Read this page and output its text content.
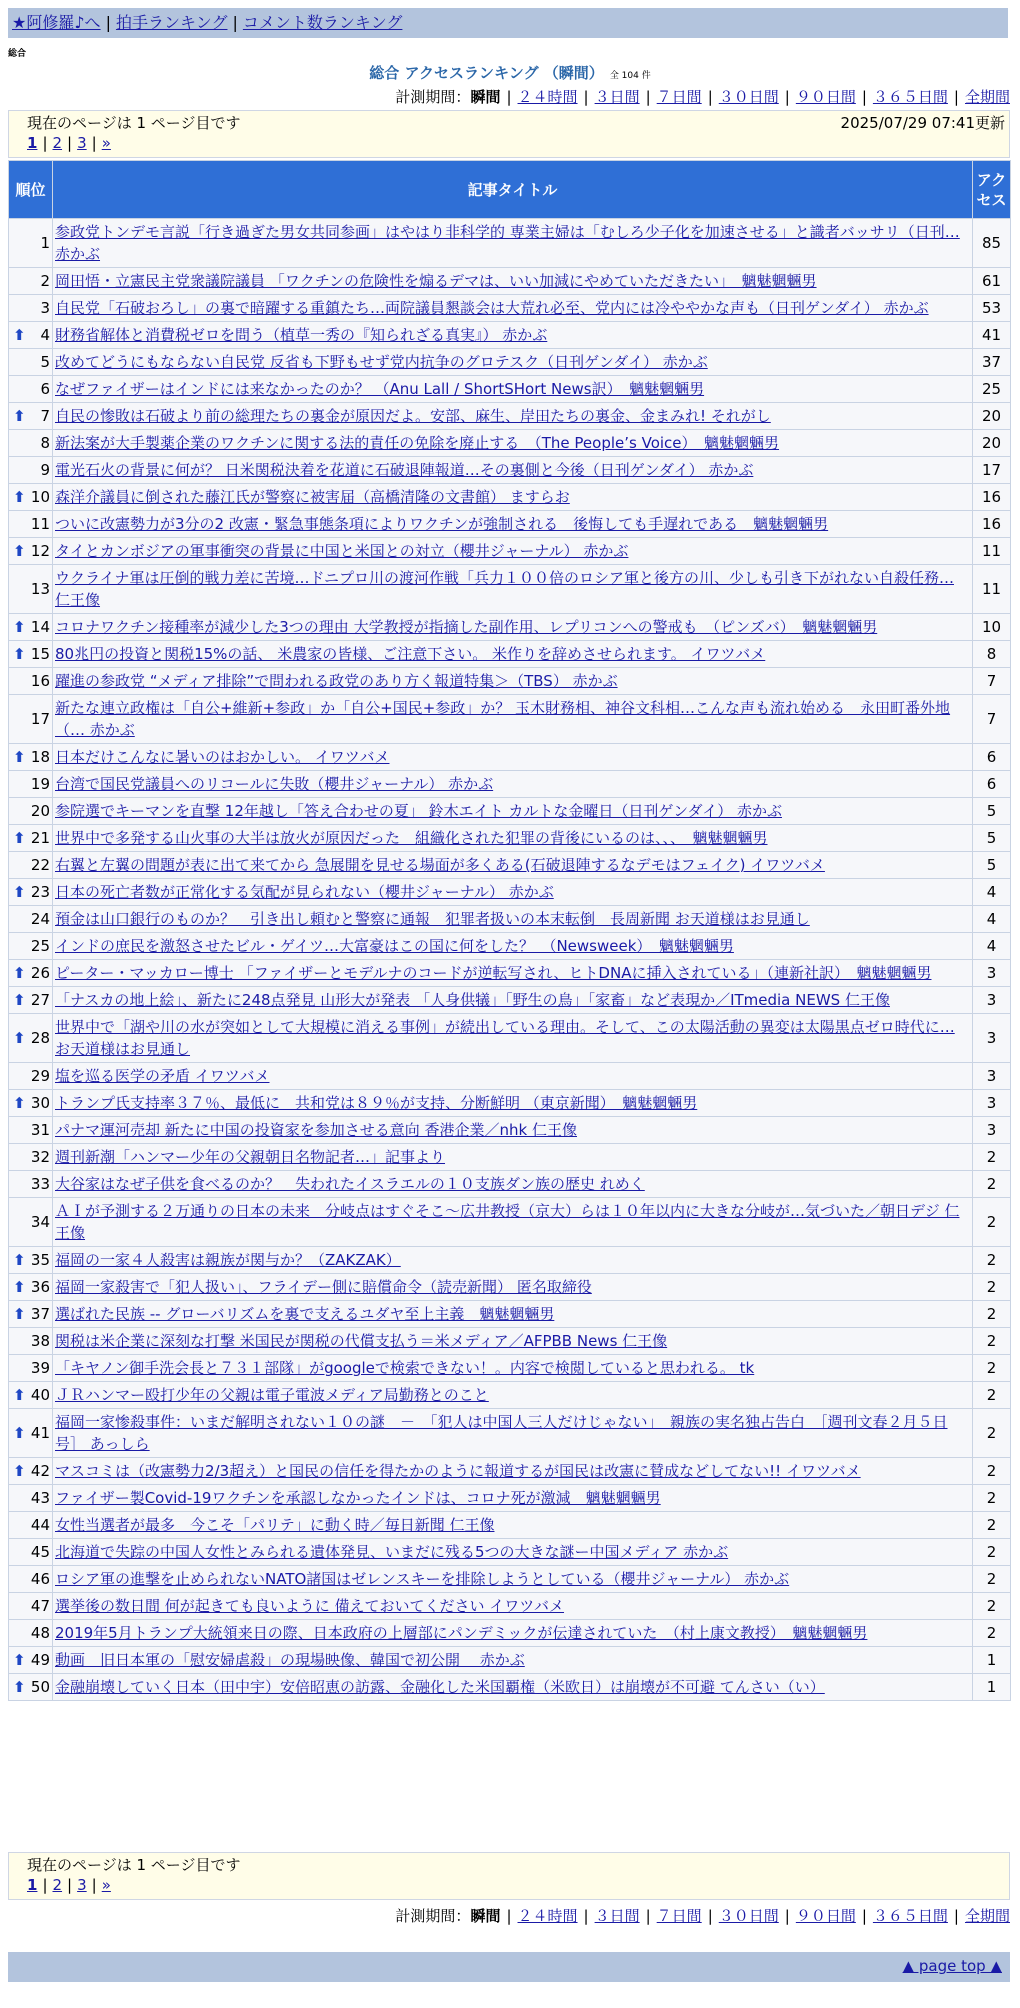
★阿修羅♪へ | 拍手ランキング | コメント数ランキング
総合
総合 アクセスランキング （瞬間） 全 104 件
計測期間：瞬間 | ２４時間 | ３日間 | ７日間 | ３０日間 | ９０日間 | ３６５日間 | 全期間
現在のページは 1 ページ目です	2025/07/29 07:41更新
1 | 2 | 3 | »
順位	記事タイトル	アクセス
1	参政党トンデモ言説「行き過ぎた男女共同参画」はやはり非科学的 専業主婦は「むしろ少子化を加速させる」と識者バッサリ（日刊… 赤かぶ	85
2	岡田悟・立憲民主党衆議院議員 「ワクチンの危険性を煽るデマは、いい加減にやめていただきたい」　魑魅魍魎男	61
3	自民党「石破おろし」の裏で暗躍する重鎮たち…両院議員懇談会は大荒れ必至、党内には冷ややかな声も（日刊ゲンダイ） 赤かぶ	53

⬆ 4	財務省解体と消費税ゼロを問う（植草一秀の『知られざる真実』） 赤かぶ	41
5	改めてどうにもならない自民党 反省も下野もせず党内抗争のグロテスク（日刊ゲンダイ） 赤かぶ	37
6	なぜファイザーはインドには来なかったのか？ （Anu Lall / ShortSHort News訳）　魑魅魍魎男	25

⬆ 7	自民の惨敗は石破より前の総理たちの裏金が原因だよ。安部、麻生、岸田たちの裏金、金まみれ! それがし	20
8	新法案が大手製薬企業のワクチンに関する法的責任の免除を廃止する　（The People’s Voice）　魑魅魍魎男	20
9	電光石火の背景に何が？ 日米関税決着を花道に石破退陣報道…その裏側と今後（日刊ゲンダイ） 赤かぶ	17

⬆ 10	森洋介議員に倒された藤江氏が警察に被害届（高橋清隆の文書館） ますらお	16
11	ついに改憲勢力が3分の2 改憲・緊急事態条項によりワクチンが強制される　後悔しても手遅れである　魑魅魍魎男	16

⬆ 12	タイとカンボジアの軍事衝突の背景に中国と米国との対立（櫻井ジャーナル） 赤かぶ	11
13	ウクライナ軍は圧倒的戦力差に苦境…ドニプロ川の渡河作戦「兵力１００倍のロシア軍と後方の川、少しも引き下がれない自殺任務… 仁王像	11

⬆ 14	コロナワクチン接種率が減少した3つの理由 大学教授が指摘した副作用、レプリコンへの警戒も　（ピンズバ）　魑魅魍魎男	10

⬆ 15	80兆円の投資と関税15%の話、 米農家の皆様、ご注意下さい。 米作りを辞めさせられます。 イワツバメ	8
16	躍進の参政党 “メディア排除”で問われる政党のあり方く報道特集＞（TBS） 赤かぶ	7
17	新たな連立政権は「自公+維新+参政」か「自公+国民+参政」か？ 玉木財務相、神谷文科相…こんな声も流れ始める　永田町番外地（… 赤かぶ	7

⬆ 18	日本だけこんなに暑いのはおかしい。 イワツバメ	6
19	台湾で国民党議員へのリコールに失敗（櫻井ジャーナル） 赤かぶ	6
20	参院選でキーマンを直撃 12年越し「答え合わせの夏」 鈴木エイト カルトな金曜日（日刊ゲンダイ） 赤かぶ	5

⬆ 21	世界中で多発する山火事の大半は放火が原因だった　組織化された犯罪の背後にいるのは、、、　魑魅魍魎男	5
22	右翼と左翼の問題が表に出て来てから 急展開を見せる場面が多くある(石破退陣するなデモはフェイク) イワツバメ	5

⬆ 23	日本の死亡者数が正常化する気配が見られない（櫻井ジャーナル） 赤かぶ	4
24	預金は山口銀行のものか？　引き出し頼むと警察に通報　犯罪者扱いの本末転倒　長周新聞 お天道様はお見通し	4
25	インドの庶民を激怒させたビル・ゲイツ…大富豪はこの国に何をした？　（Newsweek）　魑魅魍魎男	4

⬆ 26	ピーター・マッカロー博士 「ファイザーとモデルナのコードが逆転写され、ヒトDNAに挿入されている」（連新社訳）　魑魅魍魎男	3

⬆ 27	「ナスカの地上絵」、新たに248点発見 山形大が発表 「人身供犠」「野生の鳥」「家畜」など表現か／ITmedia NEWS 仁王像	3

⬆ 28	世界中で「湖や川の水が突如として大規模に消える事例」が続出している理由。そして、この太陽活動の異変は太陽黒点ゼロ時代に… お天道様はお見通し	3
29	塩を巡る医学の矛盾 イワツバメ	3

⬆ 30	トランプ氏支持率３７％、最低に　共和党は８９％が支持、分断鮮明 （東京新聞）　魑魅魍魎男	3
31	パナマ運河売却 新たに中国の投資家を参加させる意向 香港企業／nhk 仁王像	3
32	週刊新潮「ハンマー少年の父親朝日名物記者…」記事より	2
33	大谷家はなぜ子供を食べるのか？　失われたイスラエルの１０支族ダン族の歴史 れめく	2
34	ＡＩが予測する２万通りの日本の未来　分岐点はすぐそこ～広井教授（京大）らは１０年以内に大きな分岐が…気づいた／朝日デジ 仁王像	2

⬆ 35	福岡の一家４人殺害は親族が関与か？（ZAKZAK）	2

⬆ 36	福岡一家殺害で「犯人扱い」、フライデー側に賠償命令（読売新聞） 匿名取締役	2

⬆ 37	選ばれた民族 -- グローバリズムを裏で支えるユダヤ至上主義　魑魅魍魎男	2
38	関税は米企業に深刻な打撃 米国民が関税の代償支払う＝米メディア／AFPBB News 仁王像	2
39	「キヤノン御手洗会長と７３１部隊」がgoogleで検索できない！。内容で検閲していると思われる。 tk	2

⬆ 40	ＪＲハンマー殴打少年の父親は電子電波メディア局勤務とのこと	2

⬆ 41	福岡一家惨殺事件：いまだ解明されない１０の謎　－　「犯人は中国人三人だけじゃない」　親族の実名独占告白　［週刊文春２月５日号］ あっしら	2

⬆ 42	マスコミは（改憲勢力2/3超え）と国民の信任を得たかのように報道するが国民は改憲に賛成などしてない!! イワツバメ	2
43	ファイザー製Covid-19ワクチンを承認しなかったインドは、コロナ死が激減　魑魅魍魎男	2
44	女性当選者が最多　今こそ「パリテ」に動く時／毎日新聞 仁王像	2
45	北海道で失踪の中国人女性とみられる遺体発見、いまだに残る5つの大きな謎ー中国メディア 赤かぶ	2
46	ロシア軍の進撃を止められないNATO諸国はゼレンスキーを排除しようとしている（櫻井ジャーナル） 赤かぶ	2
47	選挙後の数日間 何が起きても良いように 備えておいてください イワツバメ	2
48	2019年5月トランプ大統領来日の際、日本政府の上層部にパンデミックが伝達されていた　（村上康文教授）　魑魅魍魎男	2

⬆ 49	動画　旧日本軍の「慰安婦虐殺」の現場映像、韓国で初公開　 赤かぶ	1

⬆ 50	金融崩壊していく日本（田中宇）安倍昭恵の訪露、金融化した米国覇権（米欧日）は崩壊が不可避 てんさい（い）	1
現在のページは 1 ページ目です
1 | 2 | 3 | »
計測期間：瞬間 | ２４時間 | ３日間 | ７日間 | ３０日間 | ９０日間 | ３６５日間 | 全期間
▲ page top ▲
